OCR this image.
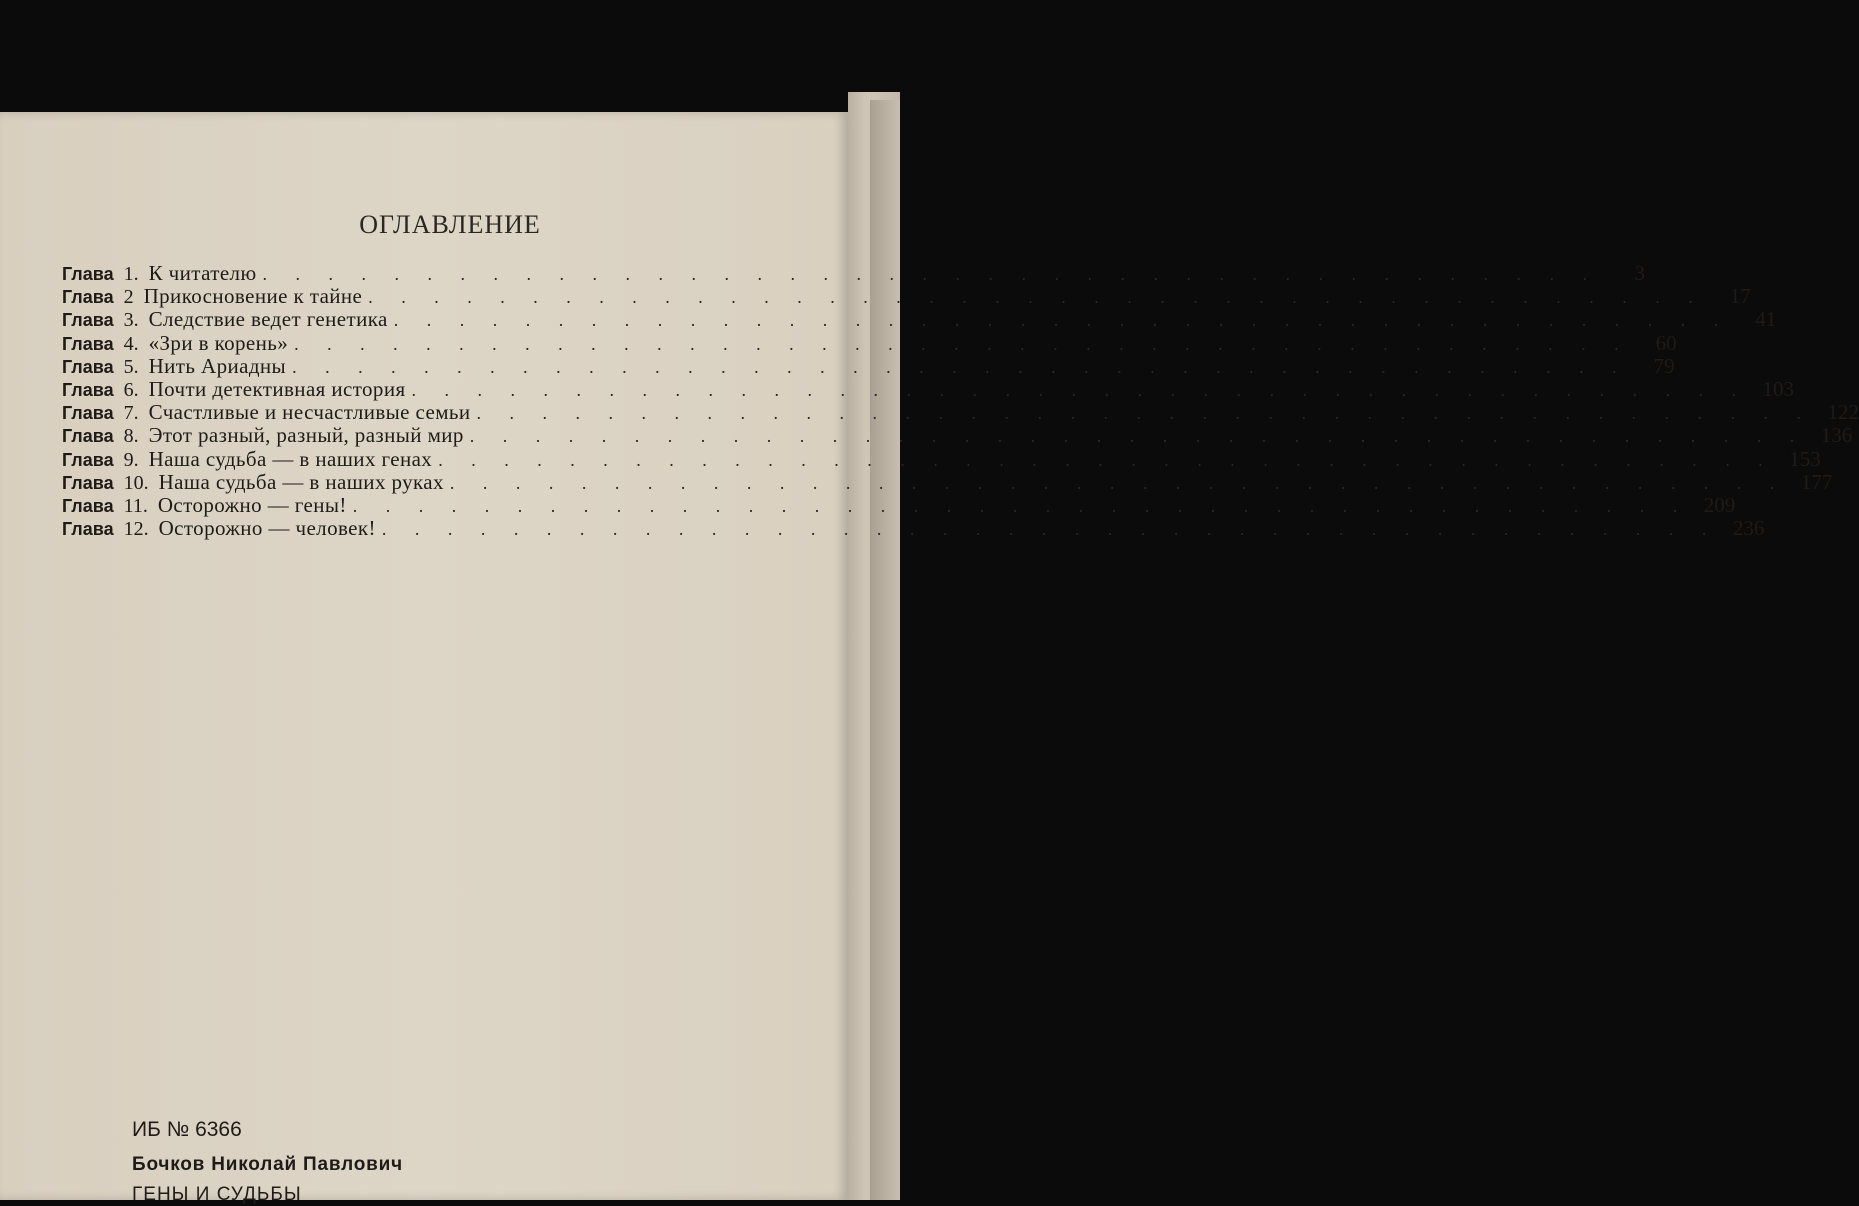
ОГЛАВЛЕНИЕ
Глава 1. К читателю . . . . . . . . . . . . . . . . . . . . . . . . . . . . . . . . . . . . . . . . .	3
Глава 2 Прикосновение к тайне . . . . . . . . . . . . . . . . . . . . . . . . . . . . . . . . . . . . . . . . .	17
Глава 3. Следствие ведет генетика . . . . . . . . . . . . . . . . . . . . . . . . . . . . . . . . . . . . . . . . .	41
Глава 4. «Зри в корень» . . . . . . . . . . . . . . . . . . . . . . . . . . . . . . . . . . . . . . . . .	60
Глава 5. Нить Ариадны . . . . . . . . . . . . . . . . . . . . . . . . . . . . . . . . . . . . . . . . .	79
Глава 6. Почти детективная история . . . . . . . . . . . . . . . . . . . . . . . . . . . . . . . . . . . . . . . . . 103
Глава 7. Счастливые и несчастливые семьи . . . . . . . . . . . . . . . . . . . . . . . . . . . . . . . . . . . . . . . . . 122
Глава 8. Этот разный, разный, разный мир . . . . . . . . . . . . . . . . . . . . . . . . . . . . . . . . . . . . . . . . . 136
Глава 9. Наша судьба — в наших генах . . . . . . . . . . . . . . . . . . . . . . . . . . . . . . . . . . . . . . . . . 153
Глава 10. Наша судьба — в наших руках . . . . . . . . . . . . . . . . . . . . . . . . . . . . . . . . . . . . . . . . . 177
Глава 11. Осторожно — гены! . . . . . . . . . . . . . . . . . . . . . . . . . . . . . . . . . . . . . . . . . 209
Глава 12. Осторожно — человек! . . . . . . . . . . . . . . . . . . . . . . . . . . . . . . . . . . . . . . . . . 236
ИБ № 6366
Бочков Николай Павлович
ГЕНЫ И СУДЬБЫ
